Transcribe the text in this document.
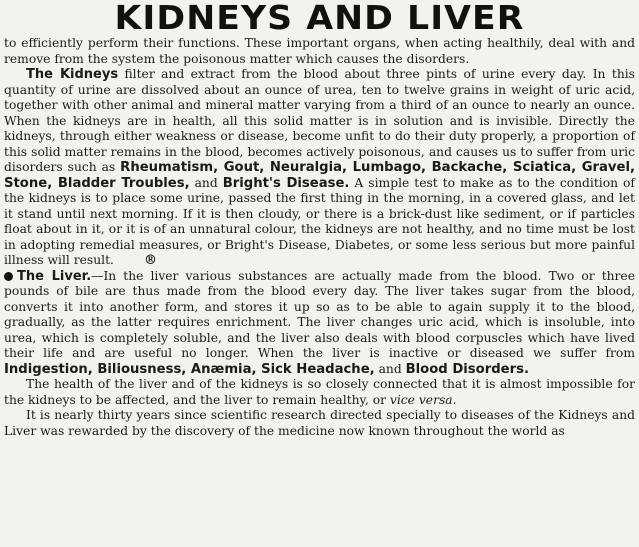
KIDNEYS AND LIVER

to efficiently perform their functions. These important organs, when acting healthily, deal with and remove from the system the poisonous matter which causes the disorders.

The Kidneys filter and extract from the blood about three pints of urine every day. In this quantity of urine are dissolved about an ounce of urea, ten to twelve grains in weight of uric acid, together with other animal and mineral matter varying from a third of an ounce to nearly an ounce. When the kidneys are in health, all this solid matter is in solution and is invisible. Directly the kidneys, through either weakness or disease, become unfit to do their duty properly, a proportion of this solid matter remains in the blood, becomes actively poisonous, and causes us to suffer from uric disorders such as Rheumatism, Gout, Neuralgia, Lumbago, Backache, Sciatica, Gravel, Stone, Bladder Troubles, and Bright's Disease. A simple test to make as to the condition of the kidneys is to place some urine, passed the first thing in the morning, in a covered glass, and let it stand until next morning. If it is then cloudy, or there is a brick-dust like sediment, or if particles float about in it, or it is of an unnatural colour, the kidneys are not healthy, and no time must be lost in adopting remedial measures, or Bright's Disease, Diabetes, or some less serious but more painful illness will result. ®

The Liver.—In the liver various substances are actually made from the blood. Two or three pounds of bile are thus made from the blood every day. The liver takes sugar from the blood, converts it into another form, and stores it up so as to be able to again supply it to the blood, gradually, as the latter requires enrichment. The liver changes uric acid, which is insoluble, into urea, which is completely soluble, and the liver also deals with blood corpuscles which have lived their life and are useful no longer. When the liver is inactive or diseased we suffer from Indigestion, Biliousness, Anæmia, Sick Headache, and Blood Disorders.

The health of the liver and of the kidneys is so closely connected that it is almost impossible for the kidneys to be affected, and the liver to remain healthy, or vice versa.

It is nearly thirty years since scientific research directed specially to diseases of the Kidneys and Liver was rewarded by the discovery of the medicine now known throughout the world as
